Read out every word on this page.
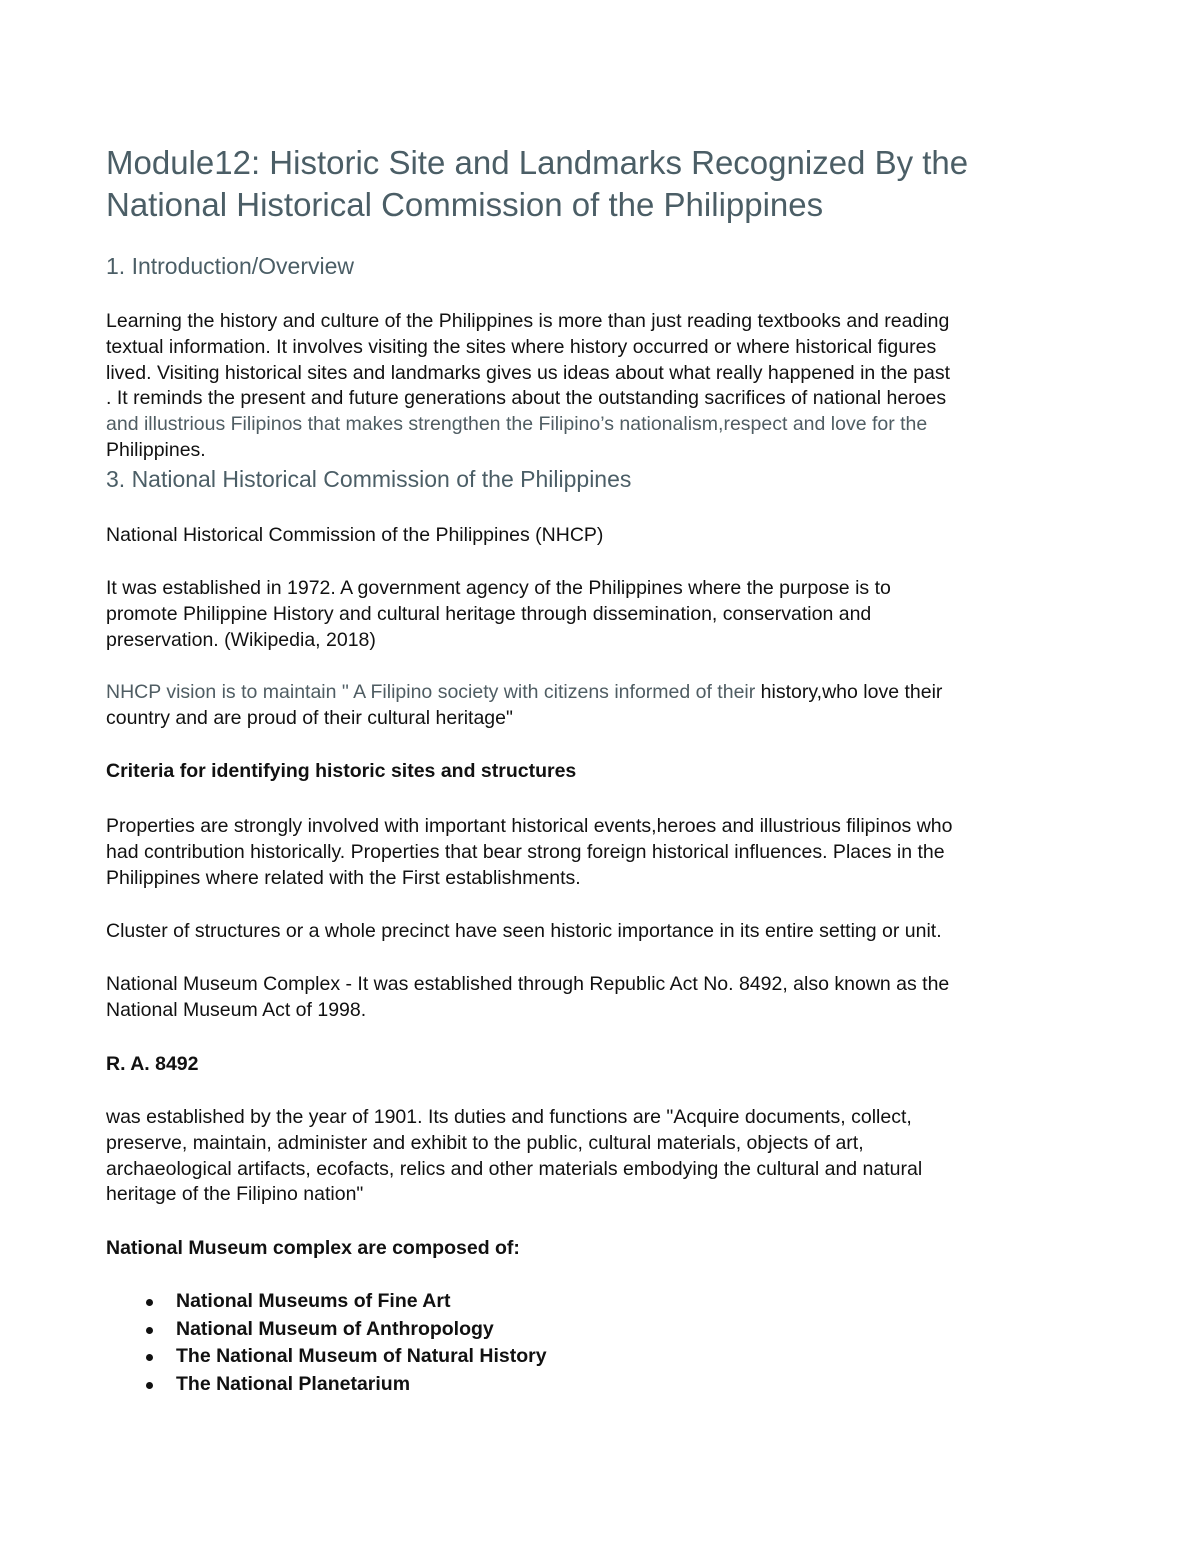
Module12: Historic Site and Landmarks Recognized By the
National Historical Commission of the Philippines
1. Introduction/Overview

Learning the history and culture of the Philippines is more than just reading textbooks and reading
textual information. It involves visiting the sites where history occurred or where historical figures
lived. Visiting historical sites and landmarks gives us ideas about what really happened in the past
. It reminds the present and future generations about the outstanding sacrifices of national heroes
and illustrious Filipinos that makes strengthen the Filipino’s nationalism,respect and love for the
Philippines.

3. National Historical Commission of the Philippines

National Historical Commission of the Philippines (NHCP)

It was established in 1972. A government agency of the Philippines where the purpose is to
promote Philippine History and cultural heritage through dissemination, conservation and
preservation. (Wikipedia, 2018)

NHCP vision is to maintain " A Filipino society with citizens informed of their history,who love their
country and are proud of their cultural heritage"

Criteria for identifying historic sites and structures

Properties are strongly involved with important historical events,heroes and illustrious filipinos who
had contribution historically. Properties that bear strong foreign historical influences. Places in the
Philippines where related with the First establishments.

Cluster of structures or a whole precinct have seen historic importance in its entire setting or unit.

National Museum Complex - It was established through Republic Act No. 8492, also known as the
National Museum Act of 1998.

R. A. 8492

was established by the year of 1901. Its duties and functions are "Acquire documents, collect,
preserve, maintain, administer and exhibit to the public, cultural materials, objects of art,
archaeological artifacts, ecofacts, relics and other materials embodying the cultural and natural
heritage of the Filipino nation"

National Museum complex are composed of:

National Museums of Fine Art
National Museum of Anthropology
The National Museum of Natural History
The National Planetarium
